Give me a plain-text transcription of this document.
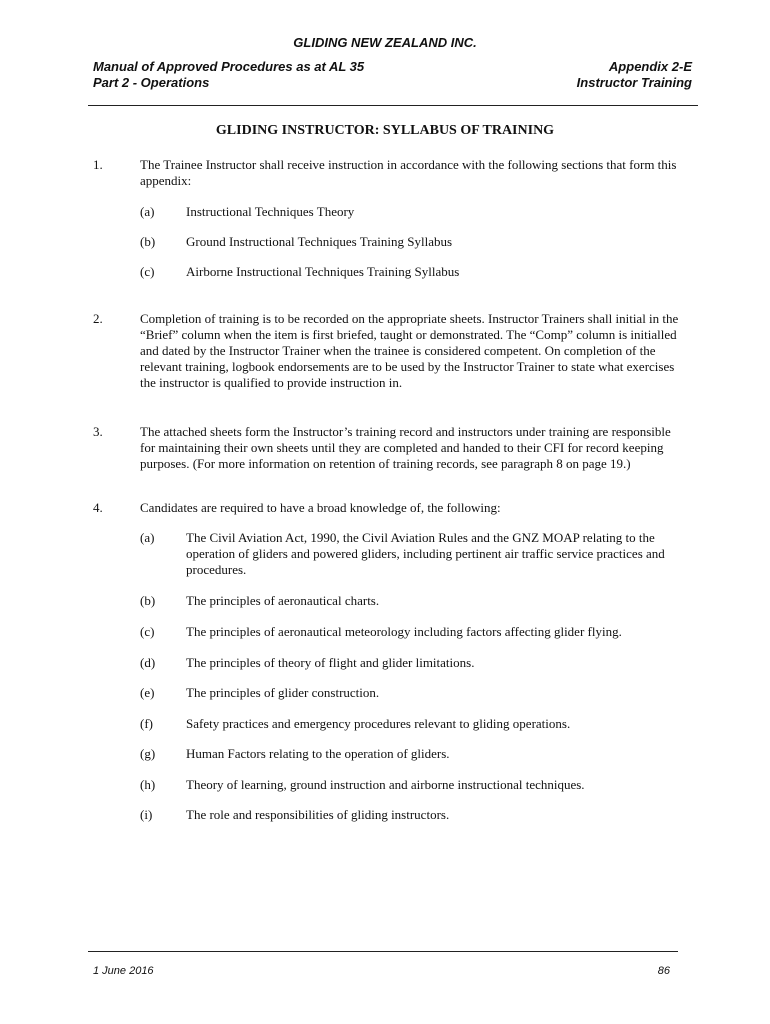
GLIDING NEW ZEALAND INC.
Manual of Approved Procedures as at AL 35
Part 2 - Operations
Appendix 2-E
Instructor Training
GLIDING INSTRUCTOR: SYLLABUS OF TRAINING
1.	The Trainee Instructor shall receive instruction in accordance with the following sections that form this appendix:
(a) Instructional Techniques Theory
(b) Ground Instructional Techniques Training Syllabus
(c) Airborne Instructional Techniques Training Syllabus
2.	Completion of training is to be recorded on the appropriate sheets. Instructor Trainers shall initial in the “Brief” column when the item is first briefed, taught or demonstrated. The “Comp” column is initialled and dated by the Instructor Trainer when the trainee is considered competent. On completion of the relevant training, logbook endorsements are to be used by the Instructor Trainer to state what exercises the instructor is qualified to provide instruction in.
3.	The attached sheets form the Instructor’s training record and instructors under training are responsible for maintaining their own sheets until they are completed and handed to their CFI for record keeping purposes. (For more information on retention of training records, see paragraph 8 on page 19.)
4.	Candidates are required to have a broad knowledge of, the following:
(a) The Civil Aviation Act, 1990, the Civil Aviation Rules and the GNZ MOAP relating to the operation of gliders and powered gliders, including pertinent air traffic service practices and procedures.
(b) The principles of aeronautical charts.
(c) The principles of aeronautical meteorology including factors affecting glider flying.
(d) The principles of theory of flight and glider limitations.
(e) The principles of glider construction.
(f)	Safety practices and emergency procedures relevant to gliding operations.
(g) Human Factors relating to the operation of gliders.
(h) Theory of learning, ground instruction and airborne instructional techniques.
(i)	The role and responsibilities of gliding instructors.
1 June 2016	86
